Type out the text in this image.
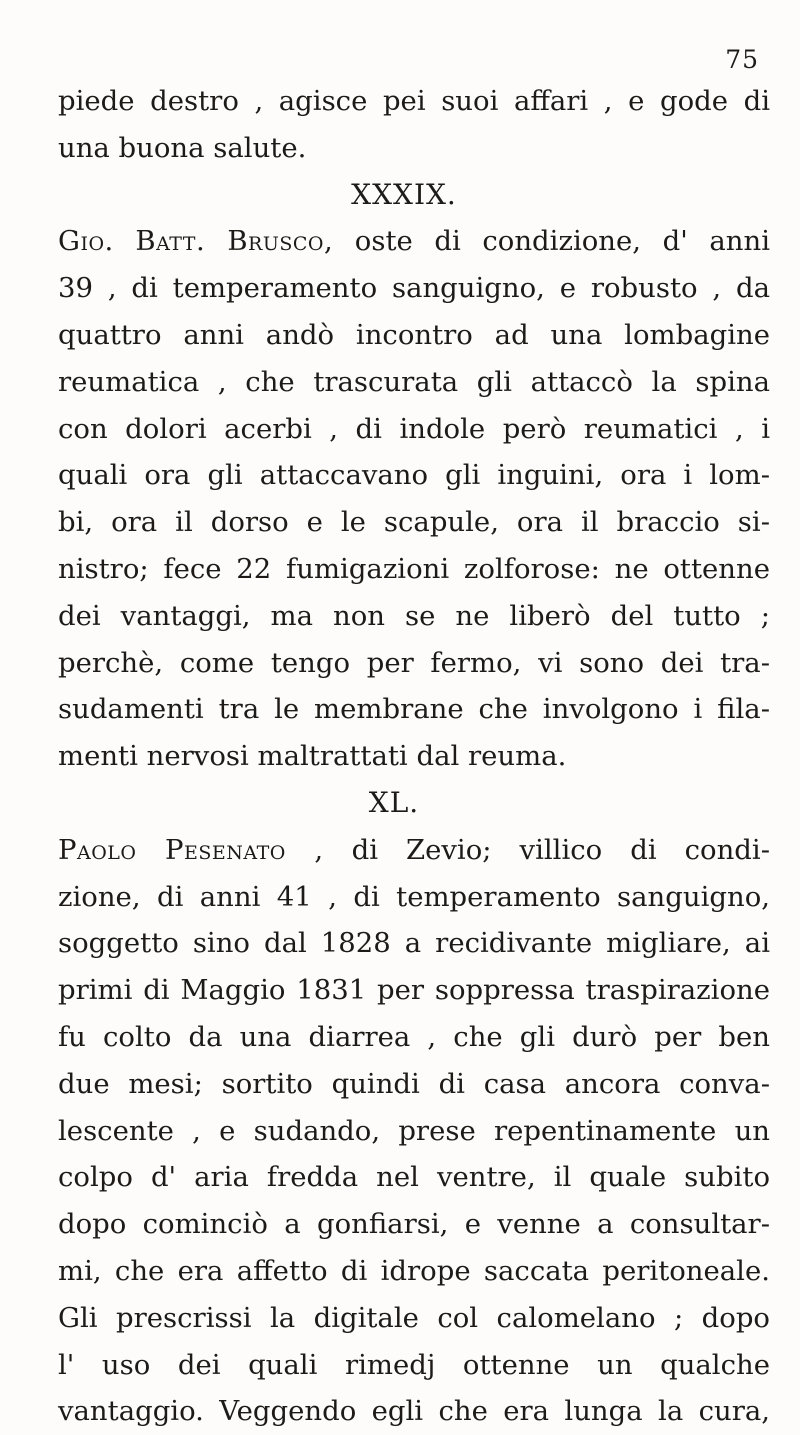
75
piede destro , agisce pei suoi affari , e gode di
una buona salute.
XXXIX.
Gio. Batt. Brusco, oste di condizione, d' anni
39 , di temperamento sanguigno, e robusto , da
quattro anni andò incontro ad una lombagine
reumatica , che trascurata gli attaccò la spina
con dolori acerbi , di indole però reumatici , i
quali ora gli attaccavano gli inguini, ora i lom-
bi, ora il dorso e le scapule, ora il braccio si-
nistro; fece 22 fumigazioni zolforose: ne ottenne
dei vantaggi, ma non se ne liberò del tutto ;
perchè, come tengo per fermo, vi sono dei tra-
sudamenti tra le membrane che involgono i fila-
menti nervosi maltrattati dal reuma.
XL.
Paolo Pesenato , di Zevio; villico di condi-
zione, di anni 41 , di temperamento sanguigno,
soggetto sino dal 1828 a recidivante migliare, ai
primi di Maggio 1831 per soppressa traspirazione
fu colto da una diarrea , che gli durò per ben
due mesi; sortito quindi di casa ancora conva-
lescente , e sudando, prese repentinamente un
colpo d' aria fredda nel ventre, il quale subito
dopo cominciò a gonfiarsi, e venne a consultar-
mi, che era affetto di idrope saccata peritoneale.
Gli prescrissi la digitale col calomelano ; dopo
l' uso dei quali rimedj ottenne un qualche
vantaggio. Veggendo egli che era lunga la cura,
